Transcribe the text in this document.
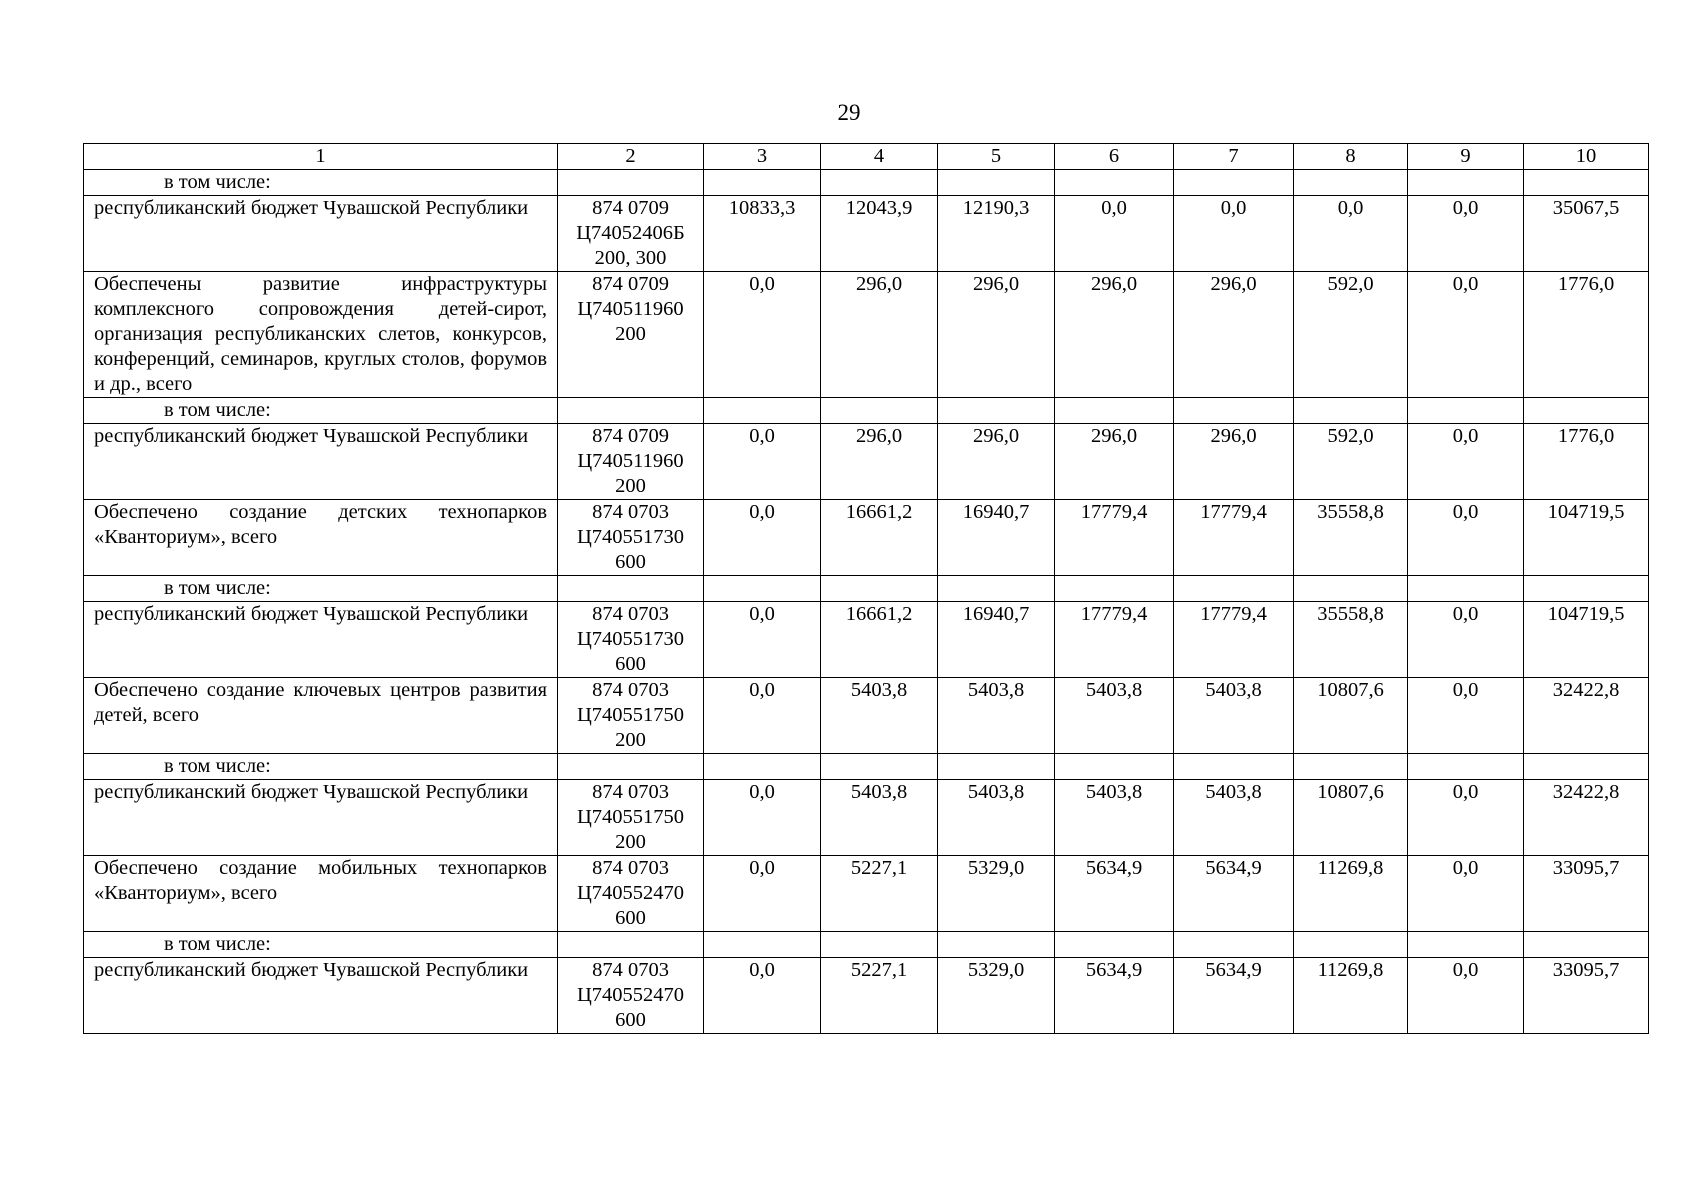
29
1	2	3	4	5	6	7	8	9	10
в том числе:									
республиканский бюджет Чувашской Республики	874 0709 Ц74052406Б 200, 300	10833,3	12043,9	12190,3	0,0	0,0	0,0	0,0	35067,5
Обеспечены развитие инфраструктуры комплексного сопровождения детей-сирот, организация республиканских слетов, конкурсов, конференций, семинаров, круглых столов, форумов и др., всего	874 0709 Ц740511960 200	0,0	296,0	296,0	296,0	296,0	592,0	0,0	1776,0
в том числе:									
республиканский бюджет Чувашской Республики	874 0709 Ц740511960 200	0,0	296,0	296,0	296,0	296,0	592,0	0,0	1776,0
Обеспечено создание детских технопарков «Кванториум», всего	874 0703 Ц740551730 600	0,0	16661,2	16940,7	17779,4	17779,4	35558,8	0,0	104719,5
в том числе:									
республиканский бюджет Чувашской Республики	874 0703 Ц740551730 600	0,0	16661,2	16940,7	17779,4	17779,4	35558,8	0,0	104719,5
Обеспечено создание ключевых центров развития детей, всего	874 0703 Ц740551750 200	0,0	5403,8	5403,8	5403,8	5403,8	10807,6	0,0	32422,8
в том числе:									
республиканский бюджет Чувашской Республики	874 0703 Ц740551750 200	0,0	5403,8	5403,8	5403,8	5403,8	10807,6	0,0	32422,8
Обеспечено создание мобильных технопарков «Кванториум», всего	874 0703 Ц740552470 600	0,0	5227,1	5329,0	5634,9	5634,9	11269,8	0,0	33095,7
в том числе:									
республиканский бюджет Чувашской Республики	874 0703 Ц740552470 600	0,0	5227,1	5329,0	5634,9	5634,9	11269,8	0,0	33095,7
